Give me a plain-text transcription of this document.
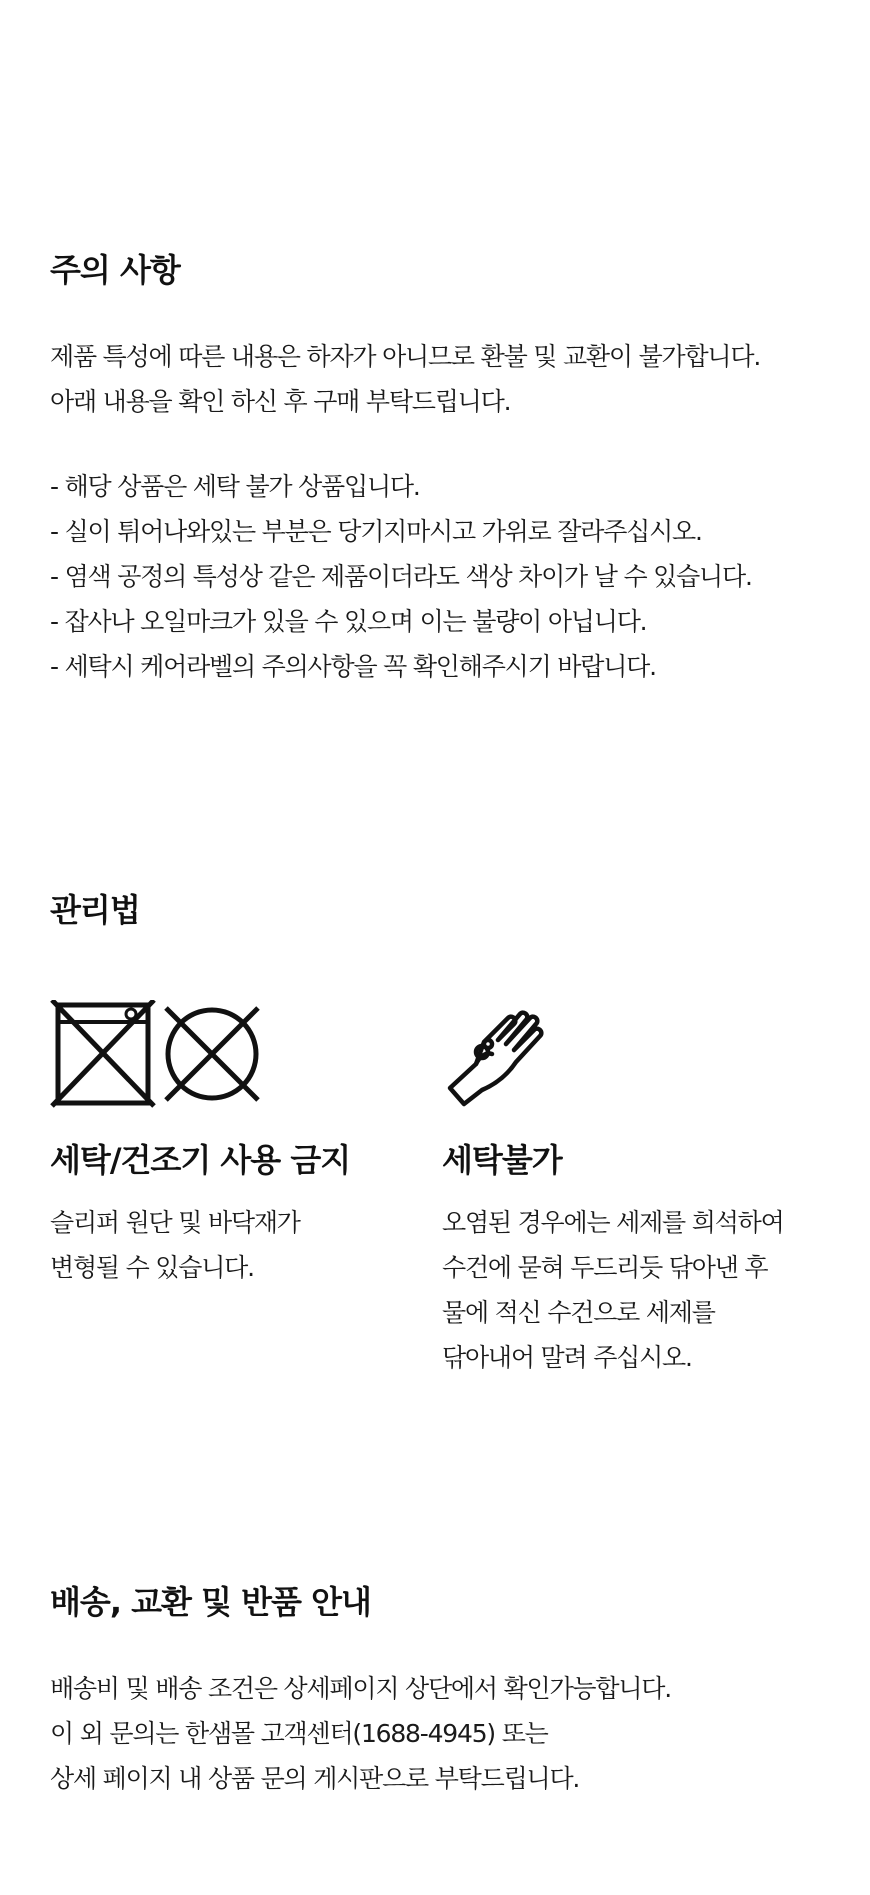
주의 사항
제품 특성에 따른 내용은 하자가 아니므로 환불 및 교환이 불가합니다.
아래 내용을 확인 하신 후 구매 부탁드립니다.
- 해당 상품은 세탁 불가 상품입니다.
- 실이 튀어나와있는 부분은 당기지마시고 가위로 잘라주십시오.
- 염색 공정의 특성상 같은 제품이더라도 색상 차이가 날 수 있습니다.
- 잡사나 오일마크가 있을 수 있으며 이는 불량이 아닙니다.
- 세탁시 케어라벨의 주의사항을 꼭 확인해주시기 바랍니다.
관리법
세탁/건조기 사용 금지
슬리퍼 원단 및 바닥재가
변형될 수 있습니다.
세탁불가
오염된 경우에는 세제를 희석하여
수건에 묻혀 두드리듯 닦아낸 후
물에 적신 수건으로 세제를
닦아내어 말려 주십시오.
배송, 교환 및 반품 안내
배송비 및 배송 조건은 상세페이지 상단에서 확인가능합니다.
이 외 문의는 한샘몰 고객센터(1688-4945) 또는
상세 페이지 내 상품 문의 게시판으로 부탁드립니다.
